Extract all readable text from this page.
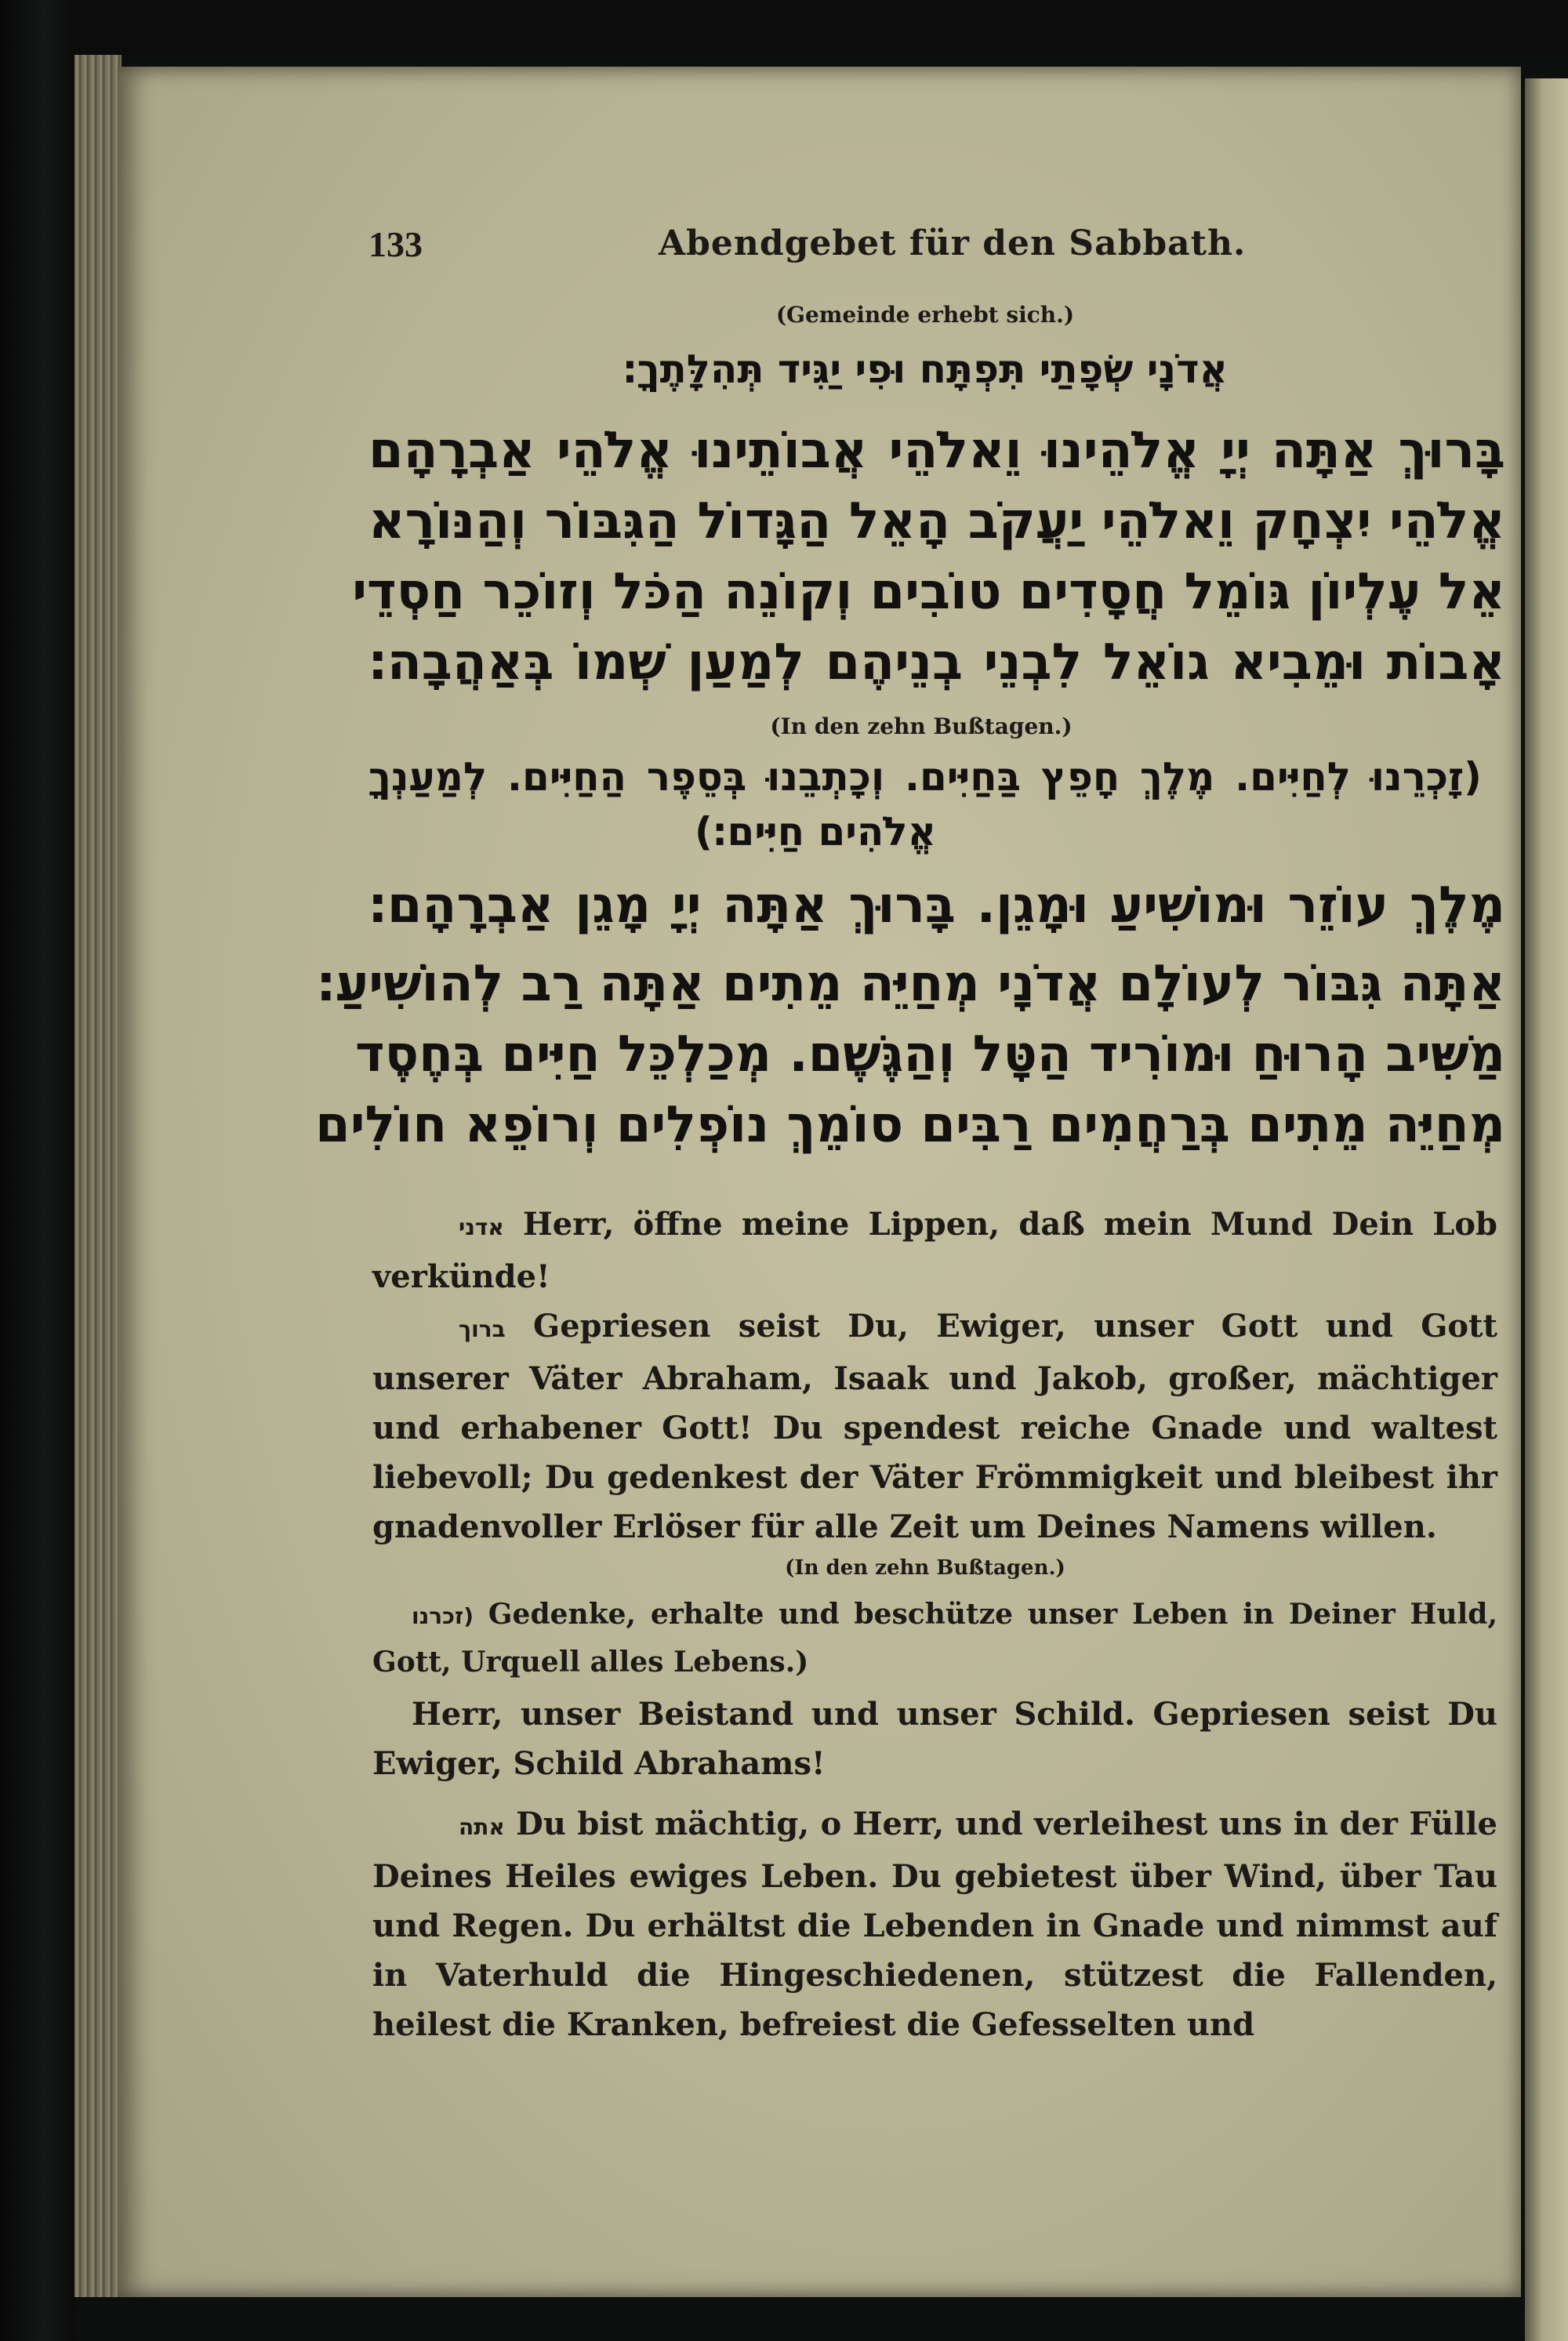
133	Abendgebet für den Sabbath.
(Gemeinde erhebt sich.)
אֲדֹנָי שְׂפָתַי תִּפְתָּח וּפִי יַגִּיד תְּהִלָּתֶךָ׃
בָּרוּךְ אַתָּה יְיָ אֱלֹהֵינוּ וֵאלֹהֵי אֲבוֹתֵינוּ אֱלֹהֵי אַבְרָהָם
אֱלֹהֵי יִצְחָק וֵאלֹהֵי יַעֲקֹב הָאֵל הַגָּדוֹל הַגִּבּוֹר וְהַנּוֹרָא
אֵל עֶלְיוֹן גּוֹמֵל חֲסָדִים טוֹבִים וְקוֹנֵה הַכֹּל וְזוֹכֵר חַסְדֵי
אָבוֹת וּמֵבִיא גוֹאֵל לִבְנֵי בְנֵיהֶם לְמַעַן שְׁמוֹ בְּאַהֲבָה׃
(In den zehn Bußtagen.)
(זָכְרֵנוּ לְחַיִּים. מֶלֶךְ חָפֵץ בַּחַיִּים. וְכָתְבֵנוּ בְּסֵפֶר הַחַיִּים. לְמַעַנְךָ
אֱלֹהִים חַיִּים׃)
מֶלֶךְ עוֹזֵר וּמוֹשִׁיעַ וּמָגֵן. בָּרוּךְ אַתָּה יְיָ מָגֵן אַבְרָהָם׃
אַתָּה גִּבּוֹר לְעוֹלָם אֲדֹנָי מְחַיֵּה מֵתִים אַתָּה רַב לְהוֹשִׁיעַ׃
מַשִּׁיב הָרוּחַ וּמוֹרִיד הַטָּל וְהַגֶּשֶׁם. מְכַלְכֵּל חַיִּים בְּחֶסֶד
מְחַיֵּה מֵתִים בְּרַחֲמִים רַבִּים סוֹמֵךְ נוֹפְלִים וְרוֹפֵא חוֹלִים
אדני Herr, öffne meine Lippen, daß mein Mund Dein Lob verkünde!
ברוך Gepriesen seist Du, Ewiger, unser Gott und Gott unserer Väter Abraham, Isaak und Jakob, großer, mächtiger und erhabener Gott! Du spendest reiche Gnade und waltest liebevoll; Du gedenkest der Väter Frömmigkeit und bleibest ihr gnadenvoller Erlöser für alle Zeit um Deines Namens willen.
(In den zehn Bußtagen.)
(זכרנו Gedenke, erhalte und beschütze unser Leben in Deiner Huld, Gott, Urquell alles Lebens.)
Herr, unser Beistand und unser Schild. Gepriesen seist Du Ewiger, Schild Abrahams!
אתה Du bist mächtig, o Herr, und verleihest uns in der Fülle Deines Heiles ewiges Leben. Du gebietest über Wind, über Tau und Regen. Du erhältst die Lebenden in Gnade und nimmst auf in Vaterhuld die Hingeschiedenen, stützest die Fallenden, heilest die Kranken, befreiest die Gefesselten und
